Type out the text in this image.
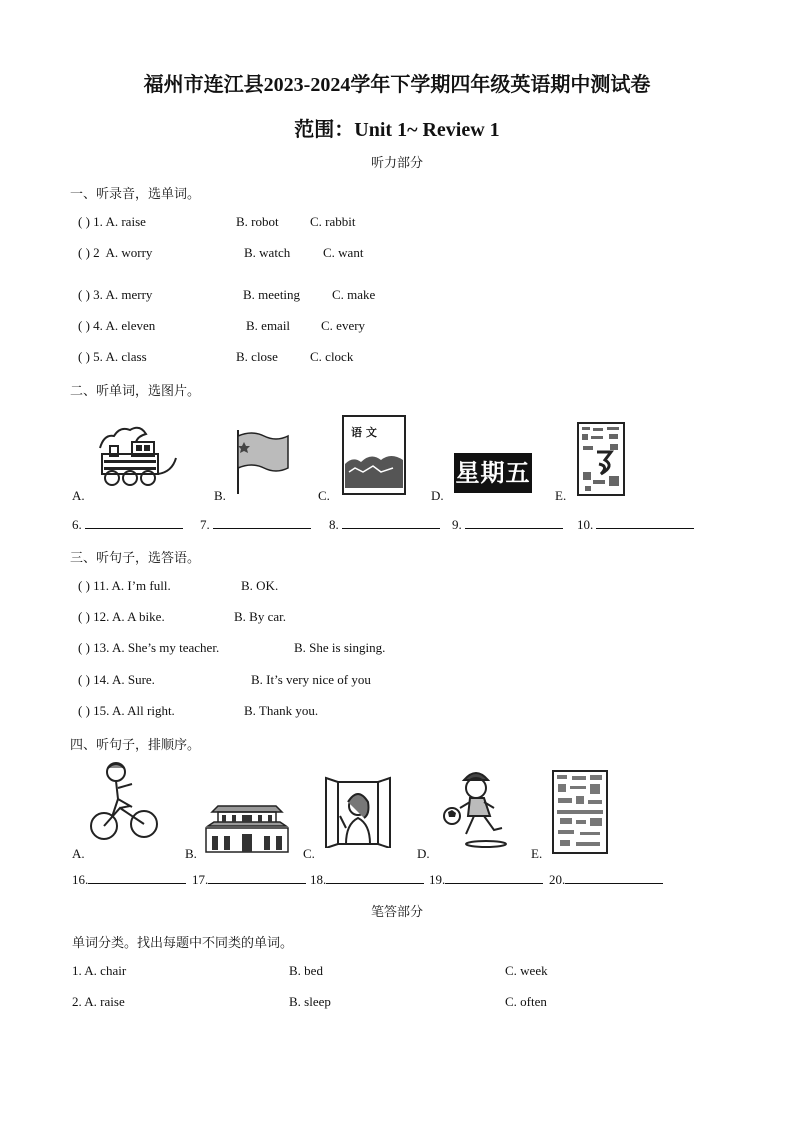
福州市连江县2023-2024学年下学期四年级英语期中测试卷
范围：Unit 1~ Review 1
听力部分
一、听录音，选单词。
( ) 1. A. raise	B. robot C. rabbit
( ) 2 A. worry	B. watch	C. want
( ) 3. A. merry	B. meeting C. make
( ) 4. A. eleven	B. email C. every
( ) 5. A. class	B. close C. clock
二、听单词，选图片。
语 文
星期五
A.	B.	C.	D.	E.
6.	7.	8.	9.	10.
三、听句子，选答语。
( ) 11. A. I’m full.	B. OK.
( ) 12. A. A bike.	B. By car.
( ) 13. A. She’s my teacher.	B. She is singing.
( ) 14. A. Sure.	B. It’s very nice of you
( ) 15. A. All right.	B. Thank you.
四、听句子，排顺序。
A.	B.	C.	D.	E.
16.	17.	18.	19.	20.
笔答部分
单词分类。找出每题中不同类的单词。
1. A. chair	B. bed	C. week
2. A. raise	B. sleep	C. often
